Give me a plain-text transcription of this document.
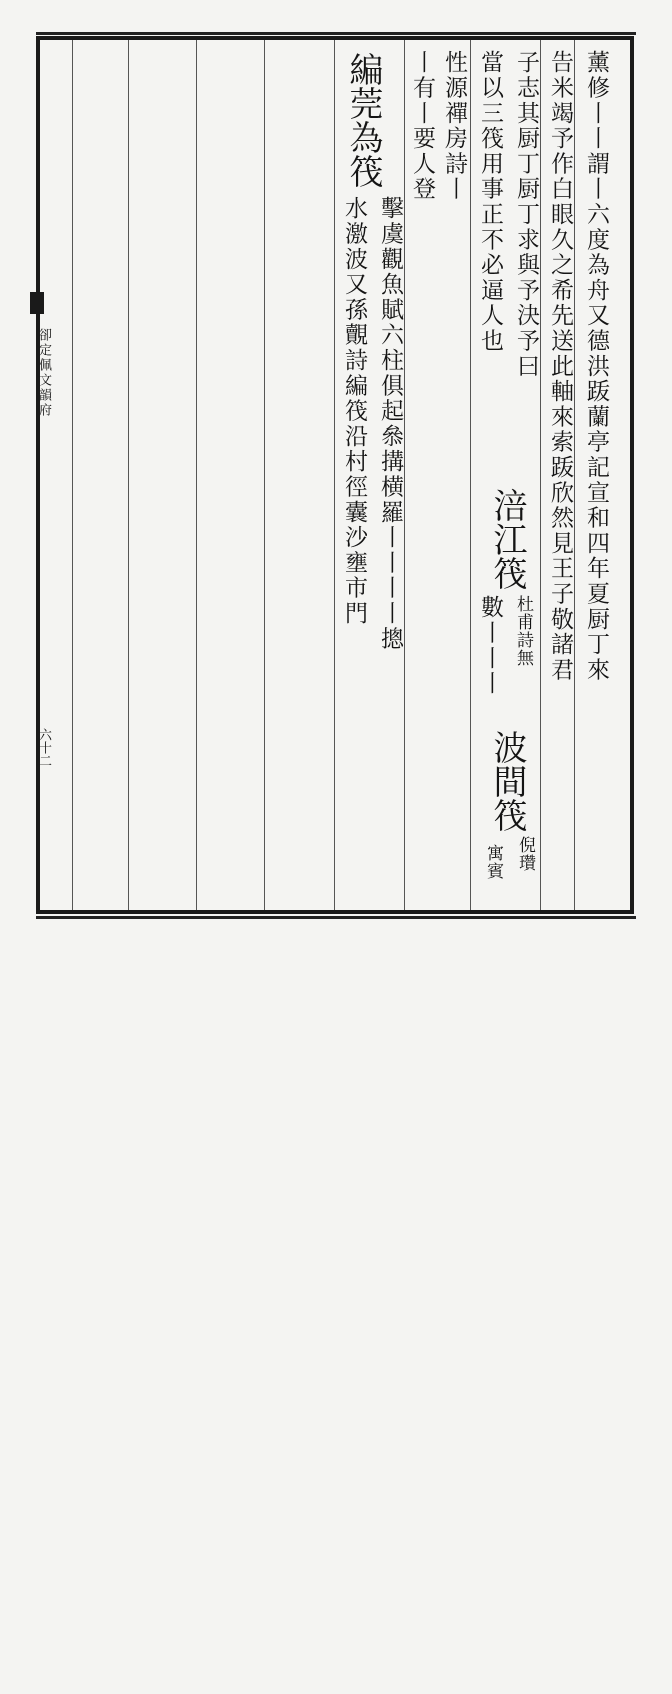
卻定佩文韻府
六十二
薰修丨丨謂丨六度為舟又德洪䟦蘭亭記宣和四年夏厨丁來
告米竭予作白眼久之希先送此軸來索䟦欣然見王子敬諸君
子志其厨丁厨丁求與予決予曰
當以三筏用事正不必逼人也
涪江筏
杜甫詩無
數丨丨丨
波間筏
倪瓚
寓賓
性源禪房詩丨
丨有丨要人登
編莞為筏
擊虞觀魚賦六柱俱起叅搆横羅丨丨丨丨摠
水激波又孫覿詩編筏沿村徑囊沙壅市門
